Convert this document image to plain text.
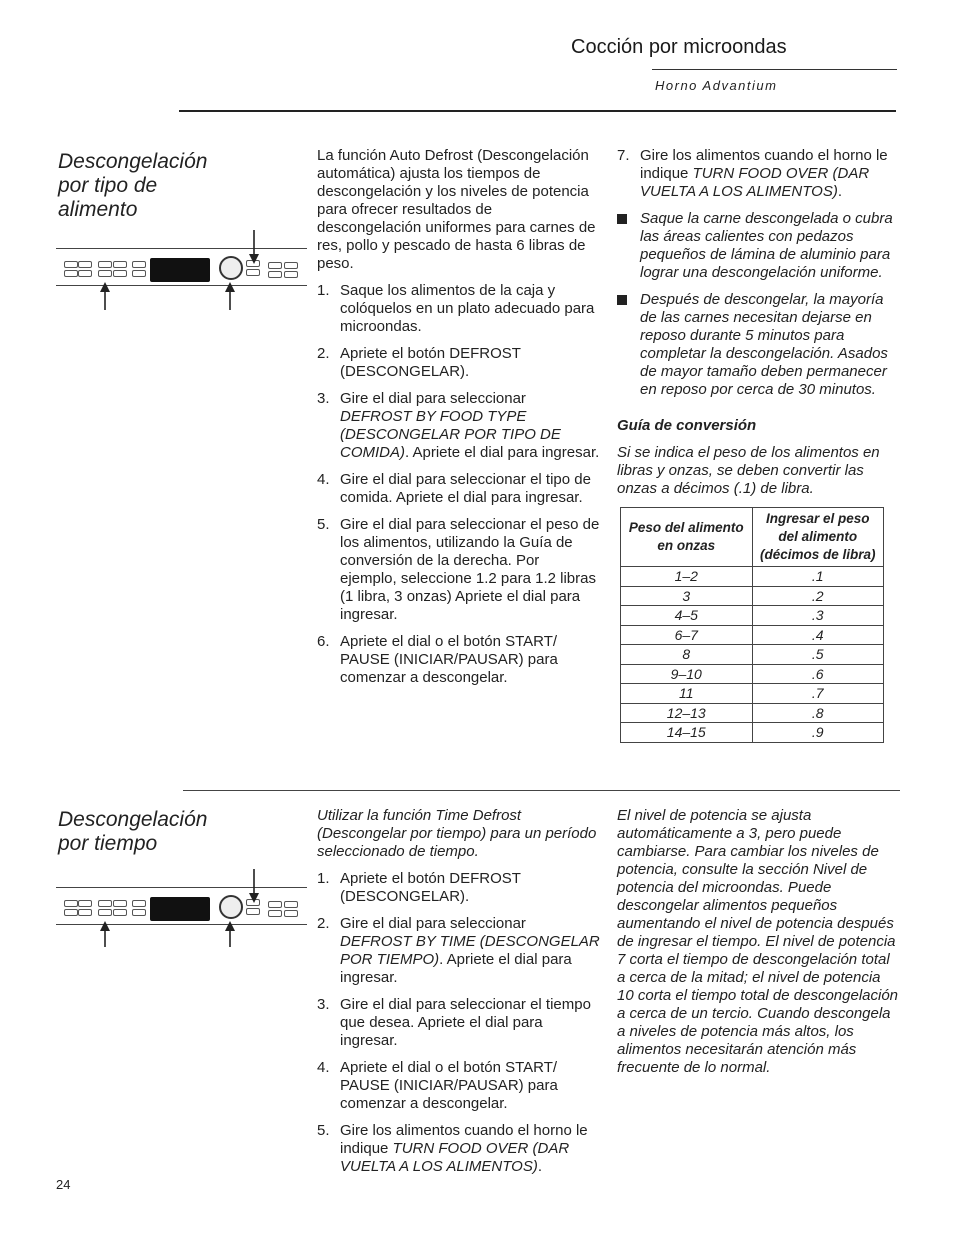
Cocción por microondas
Horno Advantium
Descongelación
por tipo de
alimento

La función Auto Defrost (Descongelación automática) ajusta los tiempos de descongelación y los niveles de potencia para ofrecer resultados de descongelación uniformes para carnes de res, pollo y pescado de hasta 6 libras de peso.

1. Saque los alimentos de la caja y colóquelos en un plato adecuado para microondas.
2. Apriete el botón DEFROST (DESCONGELAR).
3. Gire el dial para seleccionar DEFROST BY FOOD TYPE (DESCONGELAR POR TIPO DE COMIDA). Apriete el dial para ingresar.
4. Gire el dial para seleccionar el tipo de comida. Apriete el dial para ingresar.
5. Gire el dial para seleccionar el peso de los alimentos, utilizando la Guía de conversión de la derecha. Por ejemplo, seleccione 1.2 para 1.2 libras (1 libra, 3 onzas) Apriete el dial para ingresar.
6. Apriete el dial o el botón START/ PAUSE (INICIAR/PAUSAR) para comenzar a descongelar.
7. Gire los alimentos cuando el horno le indique TURN FOOD OVER (DAR VUELTA A LOS ALIMENTOS).
Saque la carne descongelada o cubra las áreas calientes con pedazos pequeños de lámina de aluminio para lograr una descongelación uniforme.
Después de descongelar, la mayoría de las carnes necesitan dejarse en reposo durante 5 minutos para completar la descongelación. Asados de mayor tamaño deben permanecer en reposo por cerca de 30 minutos.

Guía de conversión

Si se indica el peso de los alimentos en libras y onzas, se deben convertir las onzas a décimos (.1) de libra.

Peso del alimento en onzas	Ingresar el peso del alimento (décimos de libra)
1–2	.1
3	.2
4–5	.3
6–7	.4
8	.5
9–10	.6
11	.7
12–13	.8
14–15	.9
Descongelación
por tiempo

Utilizar la función Time Defrost (Descongelar por tiempo) para un período seleccionado de tiempo.

1. Apriete el botón DEFROST (DESCONGELAR).
2. Gire el dial para seleccionar DEFROST BY TIME (DESCONGELAR POR TIEMPO). Apriete el dial para ingresar.
3. Gire el dial para seleccionar el tiempo que desea. Apriete el dial para ingresar.
4. Apriete el dial o el botón START/ PAUSE (INICIAR/PAUSAR) para comenzar a descongelar.
5. Gire los alimentos cuando el horno le indique TURN FOOD OVER (DAR VUELTA A LOS ALIMENTOS).
El nivel de potencia se ajusta automáticamente a 3, pero puede cambiarse. Para cambiar los niveles de potencia, consulte la sección Nivel de potencia del microondas. Puede descongelar alimentos pequeños aumentando el nivel de potencia después de ingresar el tiempo. El nivel de potencia 7 corta el tiempo de descongelación total a cerca de la mitad; el nivel de potencia 10 corta el tiempo total de descongelación a cerca de un tercio. Cuando descongela a niveles de potencia más altos, los alimentos necesitarán atención más frecuente de lo normal.
24
